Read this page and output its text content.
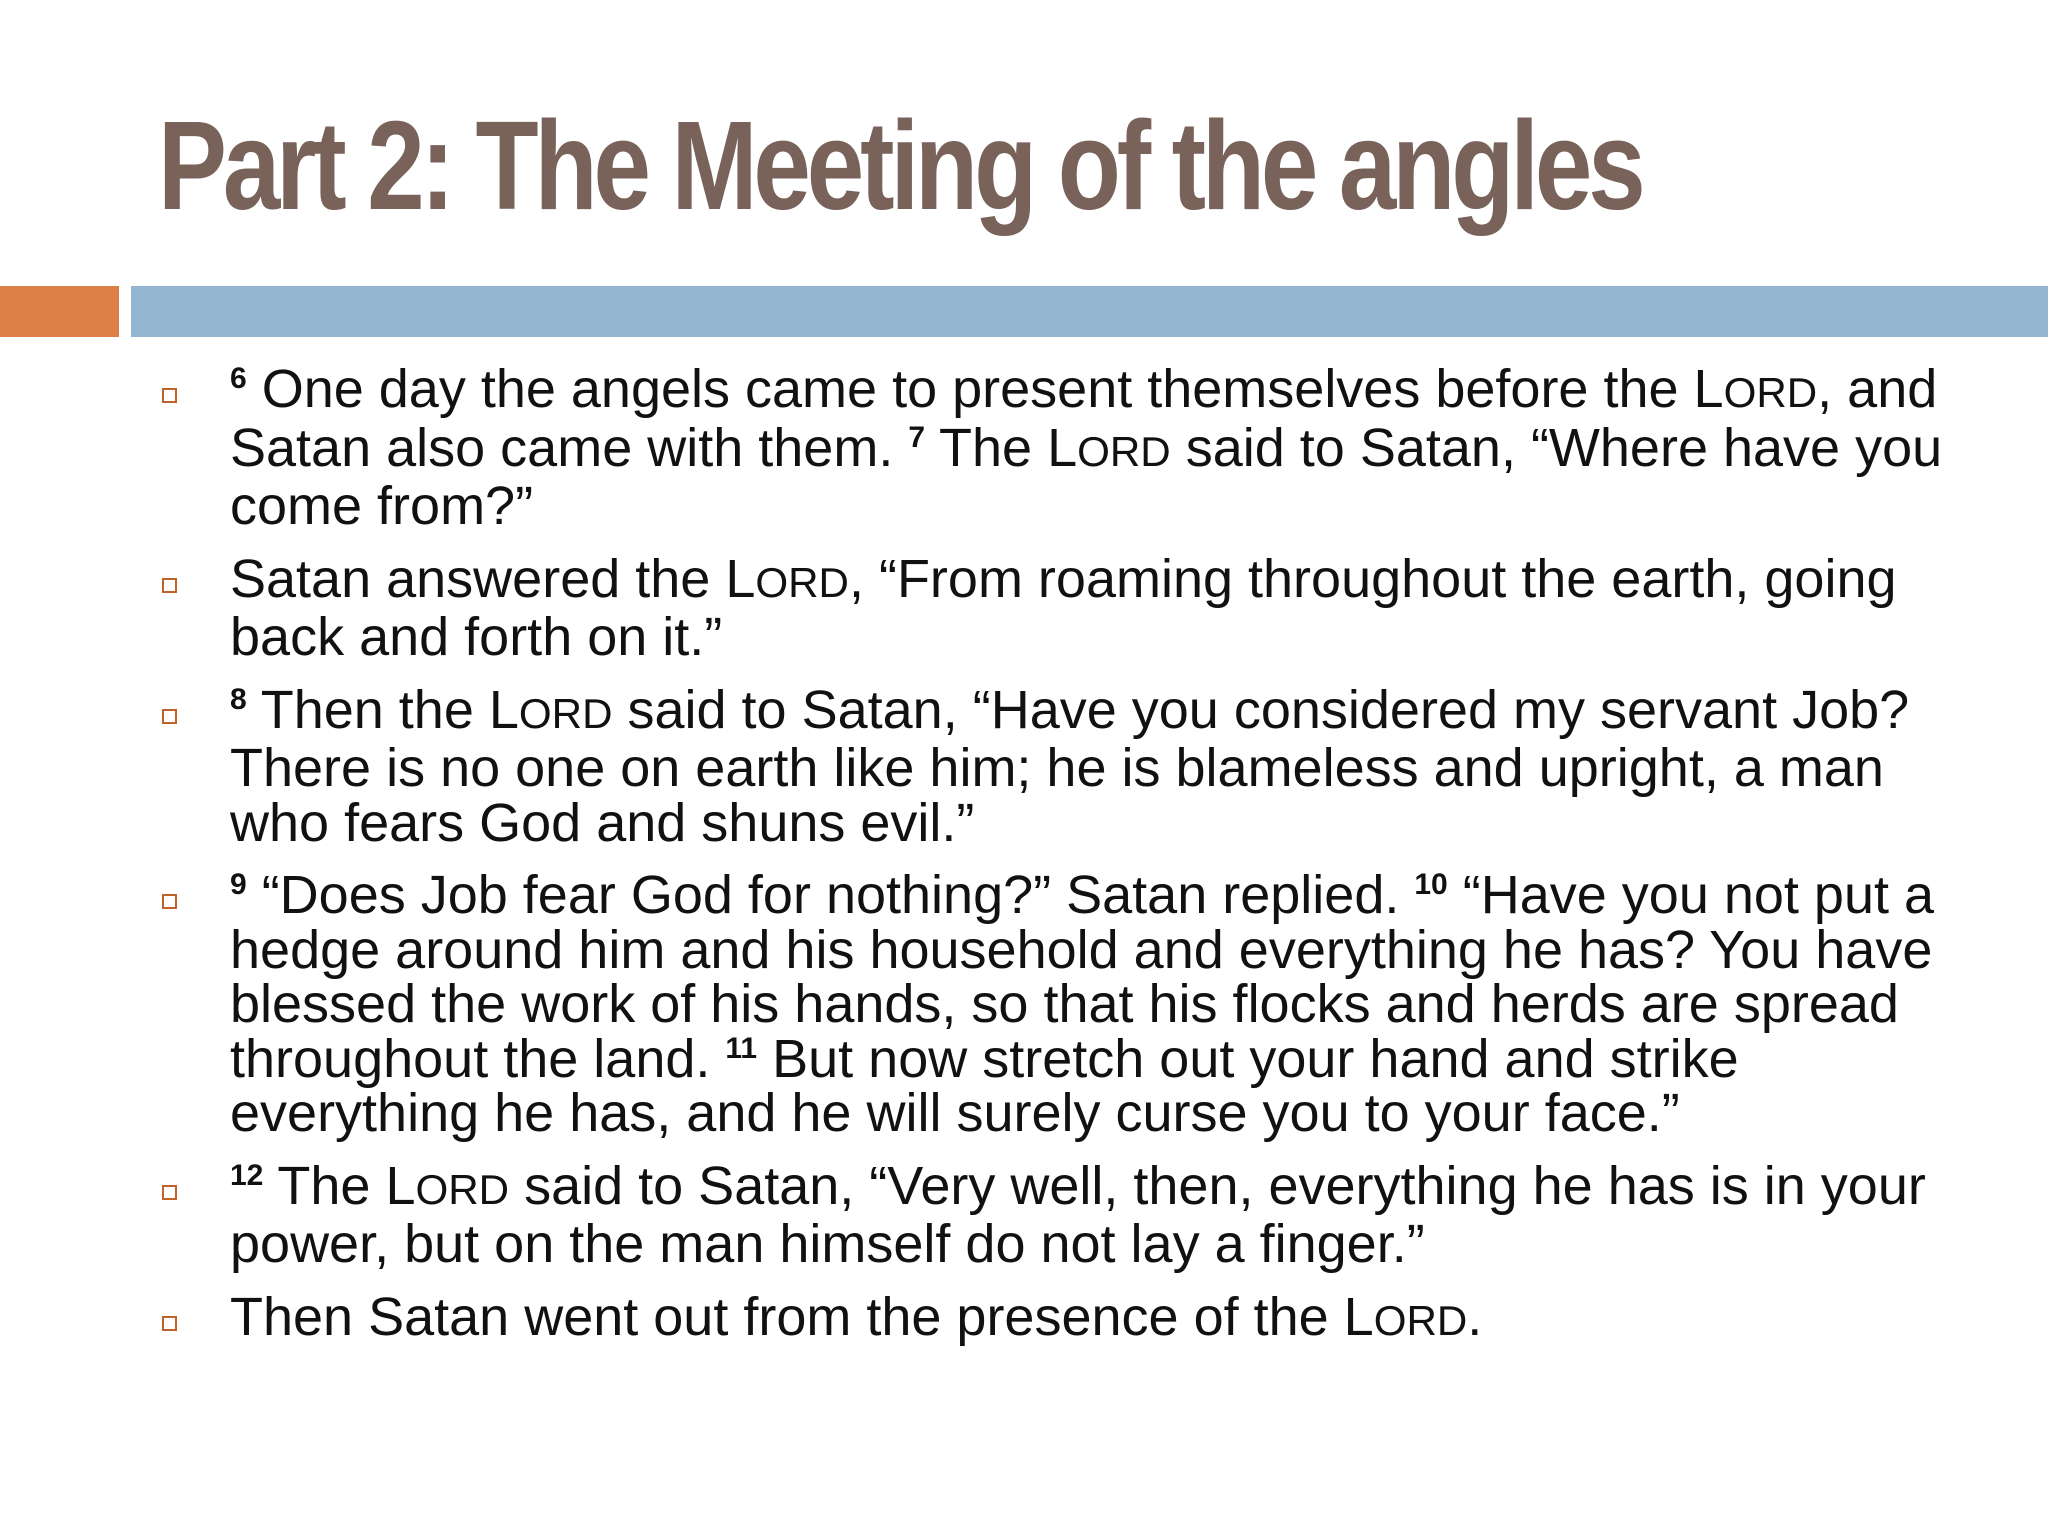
Part 2: The Meeting of the angles
$^6$ One day the angels came to present themselves before the LORD, and Satan also came with them. $^7$ The LORD said to Satan, “Where have you come from?”
Satan answered the LORD, “From roaming throughout the earth, going back and forth on it.”
$^8$ Then the LORD said to Satan, “Have you considered my servant Job? There is no one on earth like him; he is blameless and upright, a man who fears God and shuns evil.”
$^9$ “Does Job fear God for nothing?” Satan replied. $^{10}$ “Have you not put a hedge around him and his household and everything he has? You have blessed the work of his hands, so that his flocks and herds are spread throughout the land. $^{11}$ But now stretch out your hand and strike everything he has, and he will surely curse you to your face.”
$^{12}$ The LORD said to Satan, “Very well, then, everything he has is in your power, but on the man himself do not lay a finger.”
Then Satan went out from the presence of the LORD.
